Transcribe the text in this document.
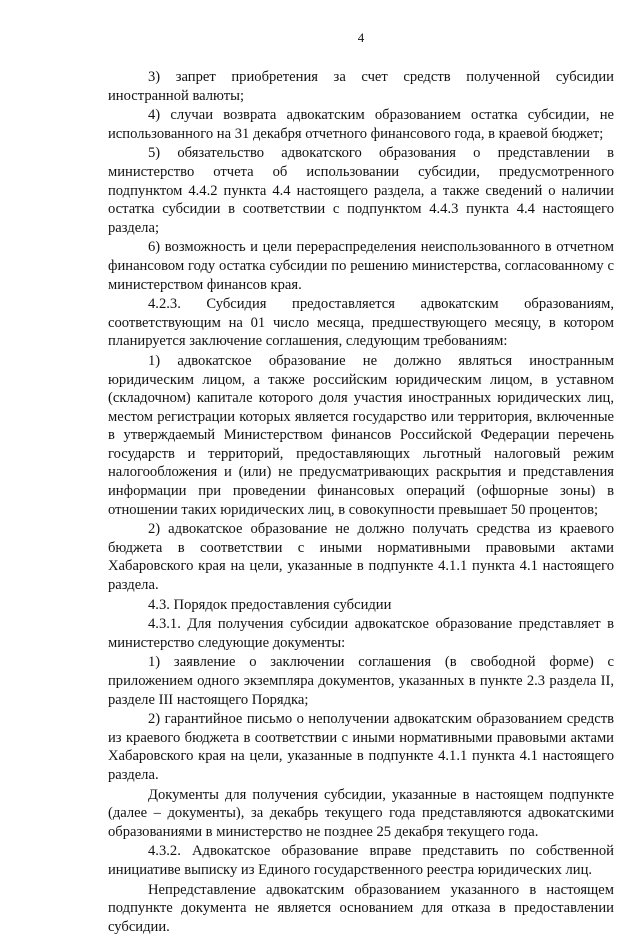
4

3) запрет приобретения за счет средств полученной субсидии иностранной валюты;

4) случаи возврата адвокатским образованием остатка субсидии, не использованного на 31 декабря отчетного финансового года, в краевой бюджет;

5) обязательство адвокатского образования о представлении в министерство отчета об использовании субсидии, предусмотренного подпунктом 4.4.2 пункта 4.4 настоящего раздела, а также сведений о наличии остатка субсидии в соответствии с подпунктом 4.4.3 пункта 4.4 настоящего раздела;

6) возможность и цели перераспределения неиспользованного в отчетном финансовом году остатка субсидии по решению министерства, согласованному с министерством финансов края.

4.2.3. Субсидия предоставляется адвокатским образованиям, соответствующим на 01 число месяца, предшествующего месяцу, в котором планируется заключение соглашения, следующим требованиям:

1) адвокатское образование не должно являться иностранным юридическим лицом, а также российским юридическим лицом, в уставном (складочном) капитале которого доля участия иностранных юридических лиц, местом регистрации которых является государство или территория, включенные в утверждаемый Министерством финансов Российской Федерации перечень государств и территорий, предоставляющих льготный налоговый режим налогообложения и (или) не предусматривающих раскрытия и представления информации при проведении финансовых операций (офшорные зоны) в отношении таких юридических лиц, в совокупности превышает 50 процентов;

2) адвокатское образование не должно получать средства из краевого бюджета в соответствии с иными нормативными правовыми актами Хабаровского края на цели, указанные в подпункте 4.1.1 пункта 4.1 настоящего раздела.

4.3. Порядок предоставления субсидии

4.3.1. Для получения субсидии адвокатское образование представляет в министерство следующие документы:

1) заявление о заключении соглашения (в свободной форме) с приложением одного экземпляра документов, указанных в пункте 2.3 раздела II, разделе III настоящего Порядка;

2) гарантийное письмо о неполучении адвокатским образованием средств из краевого бюджета в соответствии с иными нормативными правовыми актами Хабаровского края на цели, указанные в подпункте 4.1.1 пункта 4.1 настоящего раздела.

Документы для получения субсидии, указанные в настоящем подпункте (далее – документы), за декабрь текущего года представляются адвокатскими образованиями в министерство не позднее 25 декабря текущего года.

4.3.2. Адвокатское образование вправе представить по собственной инициативе выписку из Единого государственного реестра юридических лиц.

Непредставление адвокатским образованием указанного в настоящем подпункте документа не является основанием для отказа в предоставлении субсидии.
